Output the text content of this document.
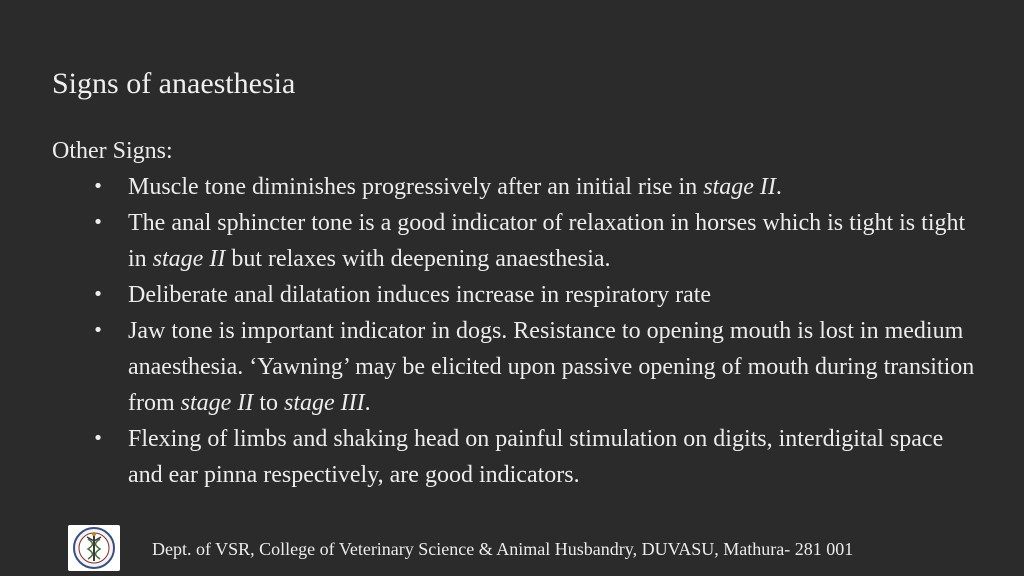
Signs of anaesthesia
Other Signs:
• Muscle tone diminishes progressively after an initial rise in stage II.
• The anal sphincter tone is a good indicator of relaxation in horses which is tight is tight in stage II but relaxes with deepening anaesthesia.
• Deliberate anal dilatation induces increase in respiratory rate
• Jaw tone is important indicator in dogs. Resistance to opening mouth is lost in medium anaesthesia. ‘Yawning’ may be elicited upon passive opening of mouth during transition from stage II to stage III.
• Flexing of limbs and shaking head on painful stimulation on digits, interdigital space and ear pinna respectively, are good indicators.
Dept. of VSR, College of Veterinary Science & Animal Husbandry, DUVASU, Mathura- 281 001
